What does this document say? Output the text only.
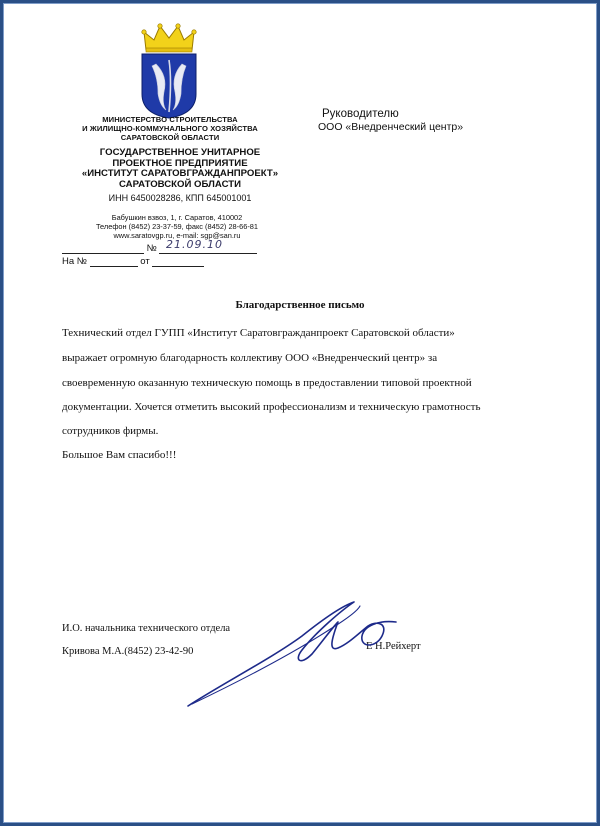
МИНИСТЕРСТВО СТРОИТЕЛЬСТВА
И ЖИЛИЩНО-КОММУНАЛЬНОГО ХОЗЯЙСТВА
САРАТОВСКОЙ ОБЛАСТИ
ГОСУДАРСТВЕННОЕ УНИТАРНОЕ
ПРОЕКТНОЕ ПРЕДПРИЯТИЕ
«ИНСТИТУТ САРАТОВГРАЖДАНПРОЕКТ»
САРАТОВСКОЙ ОБЛАСТИ
ИНН 6450028286, КПП 645001001
Бабушкин взвоз, 1, г. Саратов, 410002
Телефон (8452) 23-37-59, факс (8452) 28-66-81
www.saratovgp.ru, e-mail: sgp@san.ru
№ 21.09.10
На №	от
Руководителю
ООО «Внедренческий центр»
Благодарственное письмо
Технический отдел ГУПП «Институт Саратовгражданпроект Саратовской области»
выражает огромную благодарность коллективу ООО «Внедренческий центр» за
своевременную оказанную техническую помощь в предоставлении типовой проектной
документации. Хочется отметить высокий профессионализм и техническую грамотность
сотрудников фирмы.
Большое Вам спасибо!!!
И.О. начальника технического отдела
Е Н.Рейхерт
Кривова М.А.(8452) 23-42-90
